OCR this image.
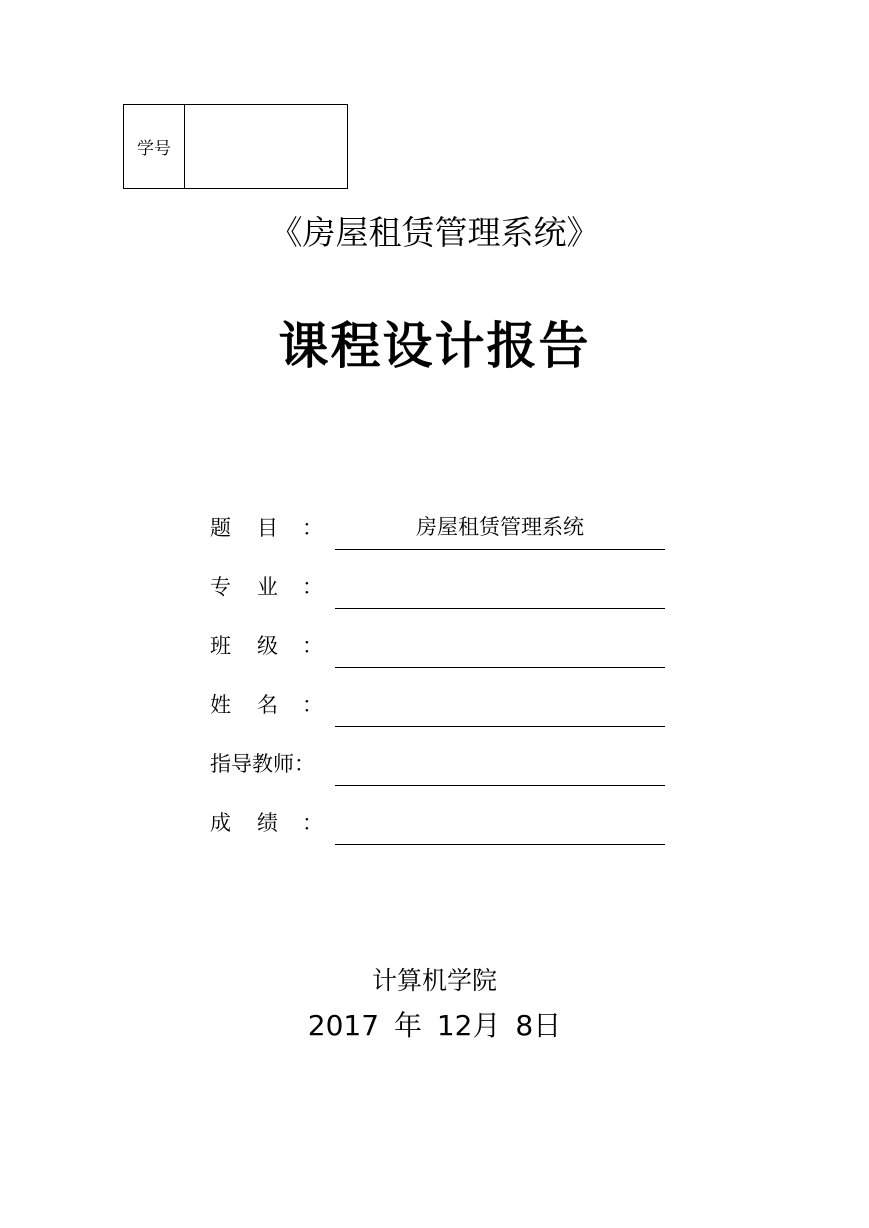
学号
《房屋租赁管理系统》
课程设计报告
题 目 ：	房屋租赁管理系统
专 业 ：
班 级 ：
姓 名 ：
指导教师：
成 绩 ：
计算机学院
2017 年 12月 8日
